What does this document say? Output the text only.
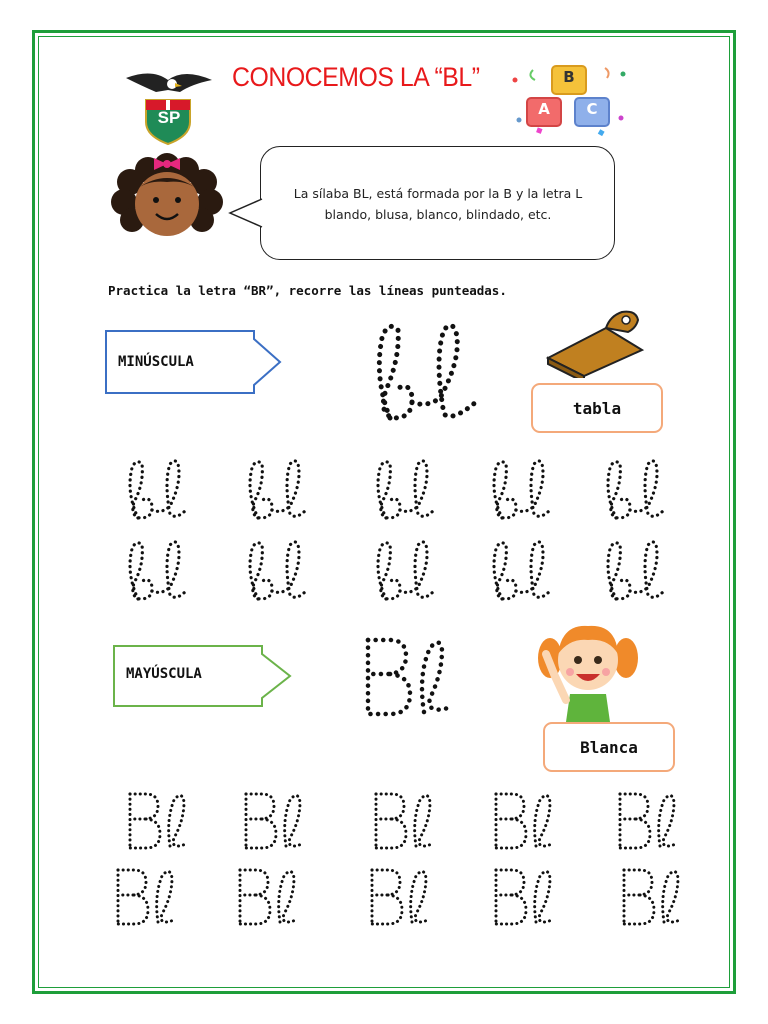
SP
CONOCEMOS LA “BL”	B
A	C
La sílaba BL, está formada por la B y la letra L
blando, blusa, blanco, blindado, etc.
Practica la letra “BR”, recorre las líneas punteadas.
MINÚSCULA
tabla
MAYÚSCULA
Blanca
